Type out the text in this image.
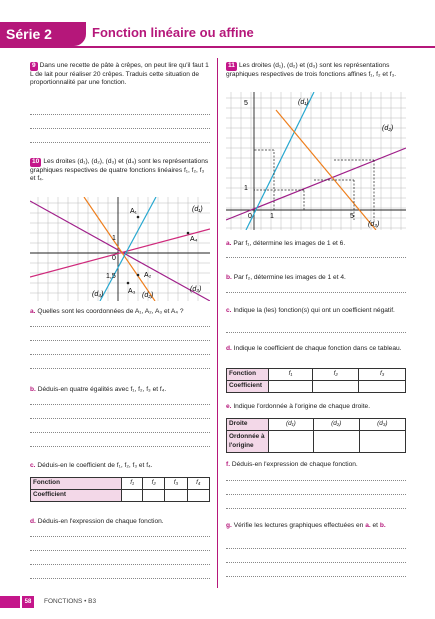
Série 2	Fonction linéaire ou affine
9 Dans une recette de pâte à crêpes, on peut lire qu'il faut 1 L de lait pour réaliser 20 crêpes. Traduis cette situation de proportionnalité par une fonction.
10 Les droites (d₁), (d₂), (d₃) et (d₄) sont les représentations graphiques respectives de quatre fonctions linéaires f₁, f₂, f₃ et f₄.
A₁
A₂
A₃
A₄
(d₁)
(d₂)
(d₃)
(d₄)
1
0
1,5
a. Quelles sont les coordonnées de A₁, A₂, A₃ et A₄ ?
b. Déduis-en quatre égalités avec f₁, f₂, f₃ et f₄.
c. Déduis-en le coefficient de f₁, f₂, f₃ et f₄.
Fonction	f₁	f₂	f₃	f₄
Coefficient				
d. Déduis-en l'expression de chaque fonction.
11 Les droites (d₁), (d₂) et (d₃) sont les représentations graphiques respectives de trois fonctions affines f₁, f₂ et f₃.
5
1
0	1	5
(d₁)
(d₂)
(d₃)
a. Par f₁, détermine les images de 1 et 6.
b. Par f₂, détermine les images de 1 et 4.
c. Indique la (les) fonction(s) qui ont un coefficient négatif.
d. Indique le coefficient de chaque fonction dans ce tableau.
Fonction	f₁	f₂	f₃
Coefficient			
e. Indique l'ordonnée à l'origine de chaque droite.
Droite	(d₁)	(d₂)	(d₃)
Ordonnée à l'origine			
f. Déduis-en l'expression de chaque fonction.
g. Vérifie les lectures graphiques effectuées en a. et b.
58	FONCTIONS • B3
